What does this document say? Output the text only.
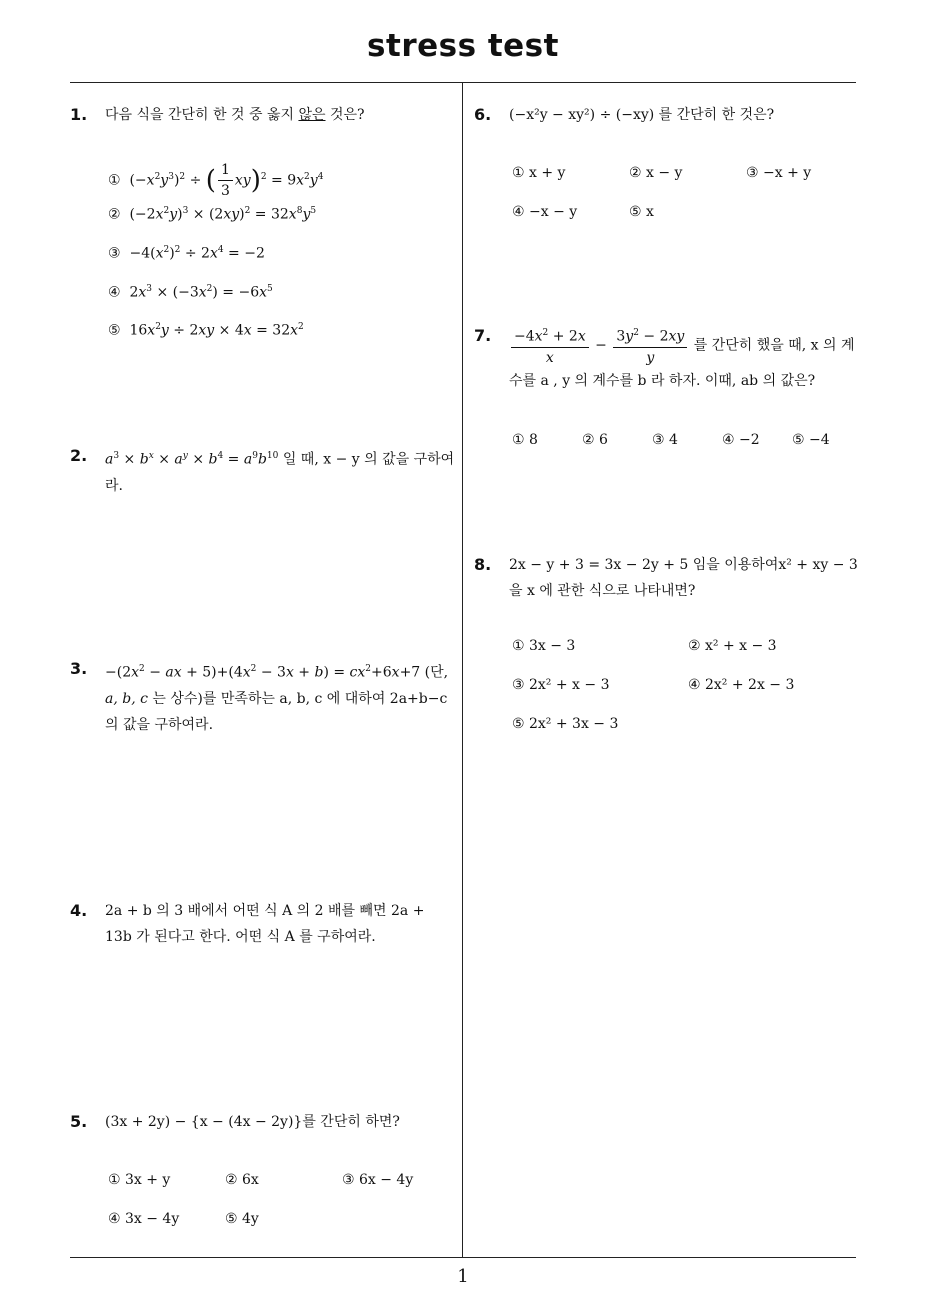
stress test
1
1. 다음 식을 간단히 한 것 중 옳지 않은 것은?
①  $(-x^2y^3)^2$ ÷ ( $\frac{1}{3} xy)^2 = 9x^2y^4$
②  $(-2x^2y)^3 \times (2xy)^2 = 32x^8y^5$
③  $-4(x^2)^2 \div 2x^4 = -2$
④  $2x^3 \times (-3x^2) = -6x^5$
⑤  $16x^2y \div 2xy \times 4x = 32x^2$
2. $a^3 \times b^x \times a^y \times b^4 = a^9b^{10}$ 일 때, x − y 의 값을 구하여라.
3. $-(2x^2$ − ax + $5)+(4x^2 - 3x + b) = cx^2+6x+7$ (단, a, b, c 는 상수)를 만족하는 a, b, c 에 대하여 2a+b−c 의 값을 구하여라.
4. 2a + b 의 3 배에서 어떤 식 A 의 2 배를 빼면 2a + 13b 가 된다고 한다. 어떤 식 A 를 구하여라.
5. (3x + 2y) − {x − (4x − 2y)}를 간단히 하면?
① 3x + y	② 6x	③ 6x − 4y
④ 3x − 4y	⑤ 4y
6. (−x²y − xy²) ÷ (−xy) 를 간단히 한 것은?
① x + y	② x − y	③ −x + y
④ −x − y	⑤ x
7. $\frac{-4x^2 + 2x}{x} - \frac{3y^2 - 2xy}{y}$ 를 간단히 했을 때, x 의 계수를 a , y 의 계수를 b 라 하자. 이때, ab 의 값은?
① 8	② 6	③ 4	④ −2 ⑤ −4
8. 2x − y + 3 = 3x − 2y + 5 임을 이용하여x² + xy − 3 을 x 에 관한 식으로 나타내면?
① 3x − 3	② x² + x − 3
③ 2x² + x − 3	④ 2x² + 2x − 3
⑤ 2x² + 3x − 3
